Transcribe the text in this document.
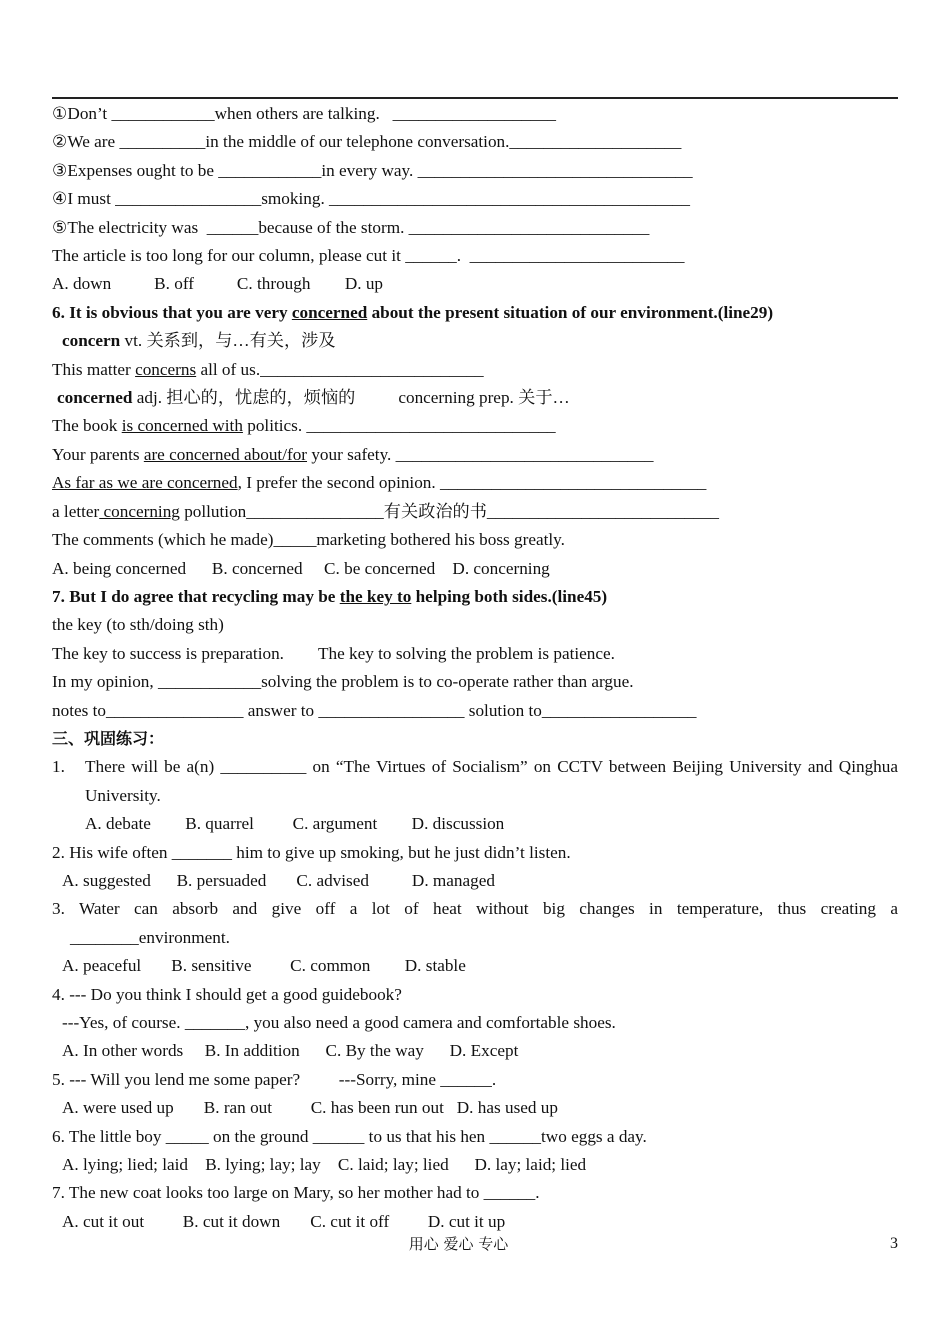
①Don’t ____________when others are talking.   ___________________
②We are __________in the middle of our telephone conversation.____________________
③Expenses ought to be ____________in every way. ________________________________
④I must _________________smoking. __________________________________________
⑤The electricity was  ______because of the storm. ____________________________
The article is too long for our column, please cut it ______.  _________________________
A. down          B. off          C. through        D. up
6. It is obvious that you are very concerned about the present situation of our environment.(line29)
concern vt. 关系到，与…有关，涉及
This matter concerns all of us.__________________________
concerned adj. 担心的，忧虑的，烦恼的          concerning prep. 关于…
The book is concerned with politics. _____________________________
Your parents are concerned about/for your safety. ______________________________
As far as we are concerned, I prefer the second opinion. _______________________________
a letter concerning pollution________________有关政治的书___________________________
The comments (which he made)_____marketing bothered his boss greatly.
A. being concerned      B. concerned     C. be concerned    D. concerning
7. But I do agree that recycling may be the key to helping both sides.(line45)
the key (to sth/doing sth)
The key to success is preparation.        The key to solving the problem is patience.
In my opinion, ____________solving the problem is to co-operate rather than argue.
notes to________________ answer to _________________ solution to__________________
三、巩固练习：
1.	There will be a(n) __________ on “The Virtues of Socialism” on CCTV between Beijing University and Qinghua University.
A. debate        B. quarrel         C. argument        D. discussion
2. His wife often _______ him to give up smoking, but he just didn’t listen.
A. suggested      B. persuaded       C. advised          D. managed
3. Water can absorb and give off a lot of heat without big changes in temperature, thus creating a
________environment.
A. peaceful       B. sensitive         C. common        D. stable
4. --- Do you think I should get a good guidebook?
---Yes, of course. _______, you also need a good camera and comfortable shoes.
A. In other words     B. In addition      C. By the way      D. Except
5. --- Will you lend me some paper?         ---Sorry, mine ______.
A. were used up       B. ran out         C. has been run out   D. has used up
6. The little boy _____ on the ground ______ to us that his hen ______two eggs a day.
A. lying; lied; laid    B. lying; lay; lay    C. laid; lay; lied      D. lay; laid; lied
7. The new coat looks too large on Mary, so her mother had to ______.
A. cut it out         B. cut it down       C. cut it off         D. cut it up
用心 爱心 专心	3
